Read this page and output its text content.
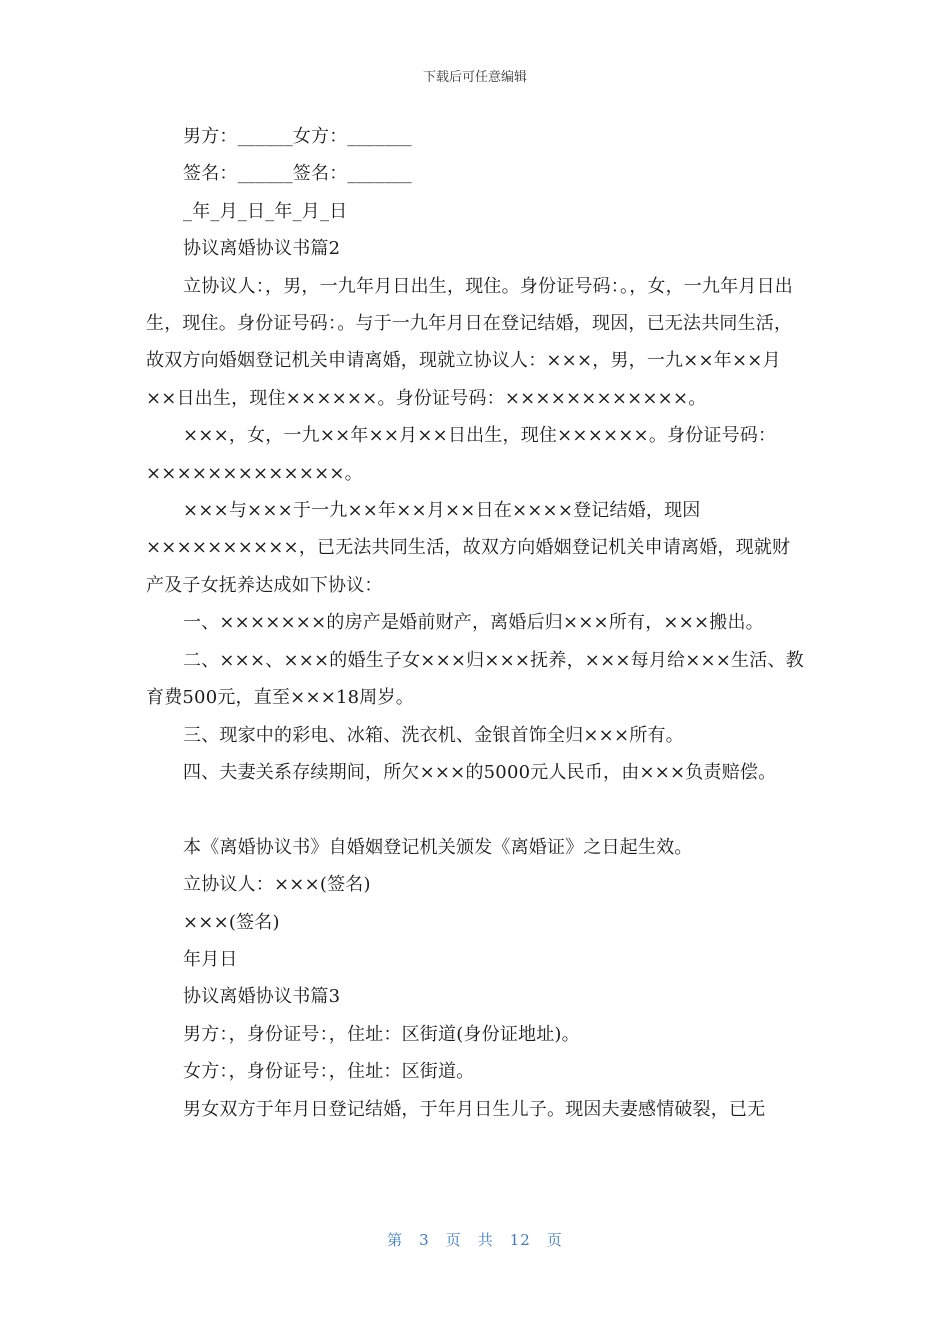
下载后可任意编辑

男方：______女方：_______

签名：______签名：_______

_年_月_日_年_月_日

协议离婚协议书篇2

立协议人：，男，一九年月日出生，现住。身份证号码：。，女，一九年月日出生，现住。身份证号码：。与于一九年月日在登记结婚，现因，已无法共同生活，故双方向婚姻登记机关申请离婚，现就立协议人：×××，男，一九××年××月××日出生，现住××××××。身份证号码：××××××××××××。

×××，女，一九××年××月××日出生，现住××××××。身份证号码：×××××××××××××。

×××与×××于一九××年××月××日在××××登记结婚，现因××××××××××，已无法共同生活，故双方向婚姻登记机关申请离婚，现就财产及子女抚养达成如下协议：

一、×××××××的房产是婚前财产，离婚后归×××所有，×××搬出。

二、×××、×××的婚生子女×××归×××抚养，×××每月给×××生活、教育费500元，直至×××18周岁。

三、现家中的彩电、冰箱、洗衣机、金银首饰全归×××所有。

四、夫妻关系存续期间，所欠×××的5000元人民币，由×××负责赔偿。

本《离婚协议书》自婚姻登记机关颁发《离婚证》之日起生效。

立协议人：×××(签名)

×××(签名)

年月日

协议离婚协议书篇3

男方：，身份证号：，住址：区街道(身份证地址)。

女方：，身份证号：，住址：区街道。

男女双方于年月日登记结婚，于年月日生儿子。现因夫妻感情破裂，已无

第 3 页 共 12 页
